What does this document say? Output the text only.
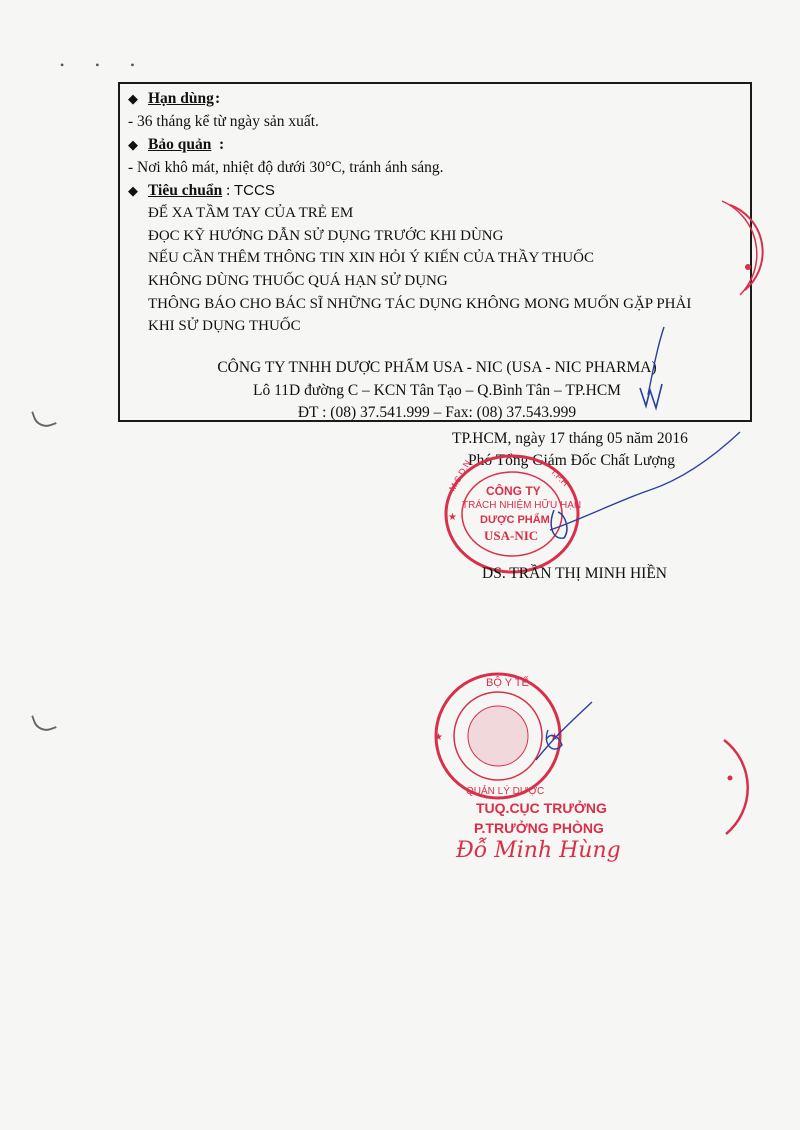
• • •
◆ Hạn dùng :
- 36 tháng kể từ ngày sản xuất.
◆ Bảo quản :
- Nơi khô mát, nhiệt độ dưới 30°C, tránh ánh sáng.
◆ Tiêu chuẩn : TCCS
ĐỂ XA TẦM TAY CỦA TRẺ EM
ĐỌC KỸ HƯỚNG DẪN SỬ DỤNG TRƯỚC KHI DÙNG
NẾU CẦN THÊM THÔNG TIN XIN HỎI Ý KIẾN CỦA THẦY THUỐC
KHÔNG DÙNG THUỐC QUÁ HẠN SỬ DỤNG
THÔNG BÁO CHO BÁC SĨ NHỮNG TÁC DỤNG KHÔNG MONG MUỐN GẶP PHẢI
KHI SỬ DỤNG THUỐC
CÔNG TY TNHH DƯỢC PHẨM USA - NIC (USA - NIC PHARMA)
Lô 11D đường C – KCN Tân Tạo – Q.Bình Tân – TP.HCM
ĐT : (08) 37.541.999 – Fax: (08) 37.543.999
TP.HCM, ngày 17 tháng 05 năm 2016
Phó Tổng Giám Đốc Chất Lượng
M.S.D.N	T.P.H
★
CÔNG TY
TRÁCH NHIỆM HỮU HẠN
DƯỢC PHẨM
USA-NIC
DS. TRẦN THỊ MINH HIỀN
BỘ Y TẾ
★	★
QUẢN LÝ DƯỢC
TUQ.CỤC TRƯỞNG
P.TRƯỞNG PHÒNG
Đỗ Minh Hùng
